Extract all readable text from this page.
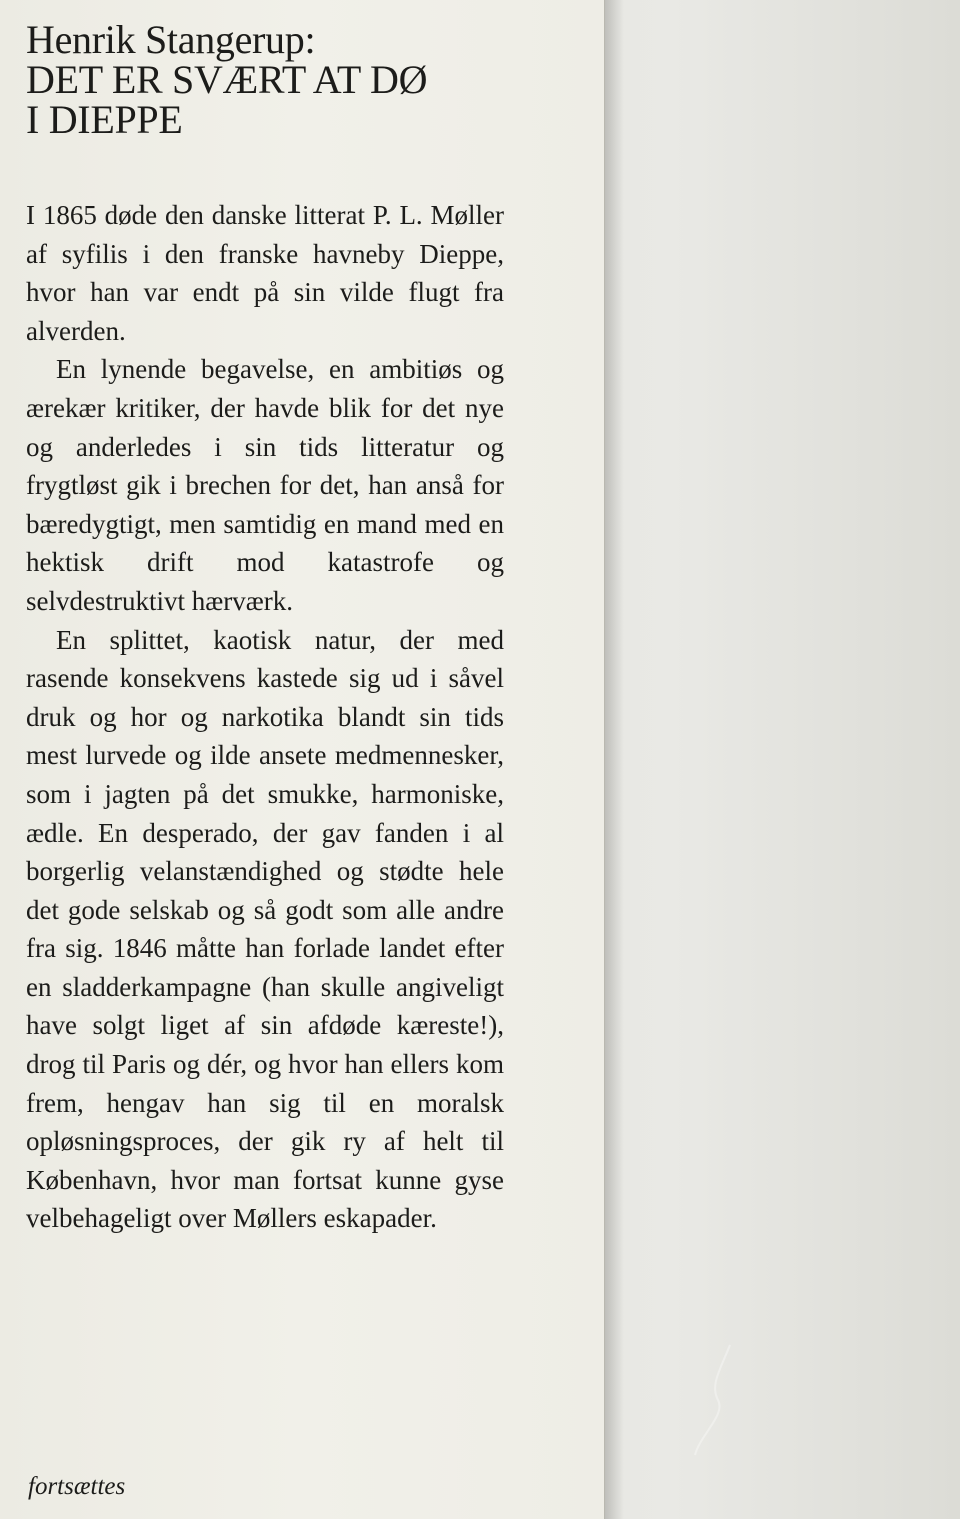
Henrik Stangerup:
DET ER SVÆRT AT DØ
I DIEPPE

I 1865 døde den danske litterat P. L. Møller af syfilis i den franske havneby Dieppe, hvor han var endt på sin vilde flugt fra alverden.

En lynende begavelse, en ambitiøs og ærekær kritiker, der havde blik for det nye og anderledes i sin tids litteratur og frygtløst gik i brechen for det, han anså for bæredygtigt, men samtidig en mand med en hektisk drift mod katastrofe og selvdestruktivt hærværk.

En splittet, kaotisk natur, der med rasende konsekvens kastede sig ud i såvel druk og hor og narkotika blandt sin tids mest lurvede og ilde ansete medmennesker, som i jagten på det smukke, harmoniske, ædle. En desperado, der gav fanden i al borgerlig velanstændighed og stødte hele det gode selskab og så godt som alle andre fra sig. 1846 måtte han forlade landet efter en sladderkampagne (han skulle angiveligt have solgt liget af sin afdøde kæreste!), drog til Paris og dér, og hvor han ellers kom frem, hengav han sig til en moralsk opløsningsproces, der gik ry af helt til København, hvor man fortsat kunne gyse velbehageligt over Møllers eskapader.

fortsættes
